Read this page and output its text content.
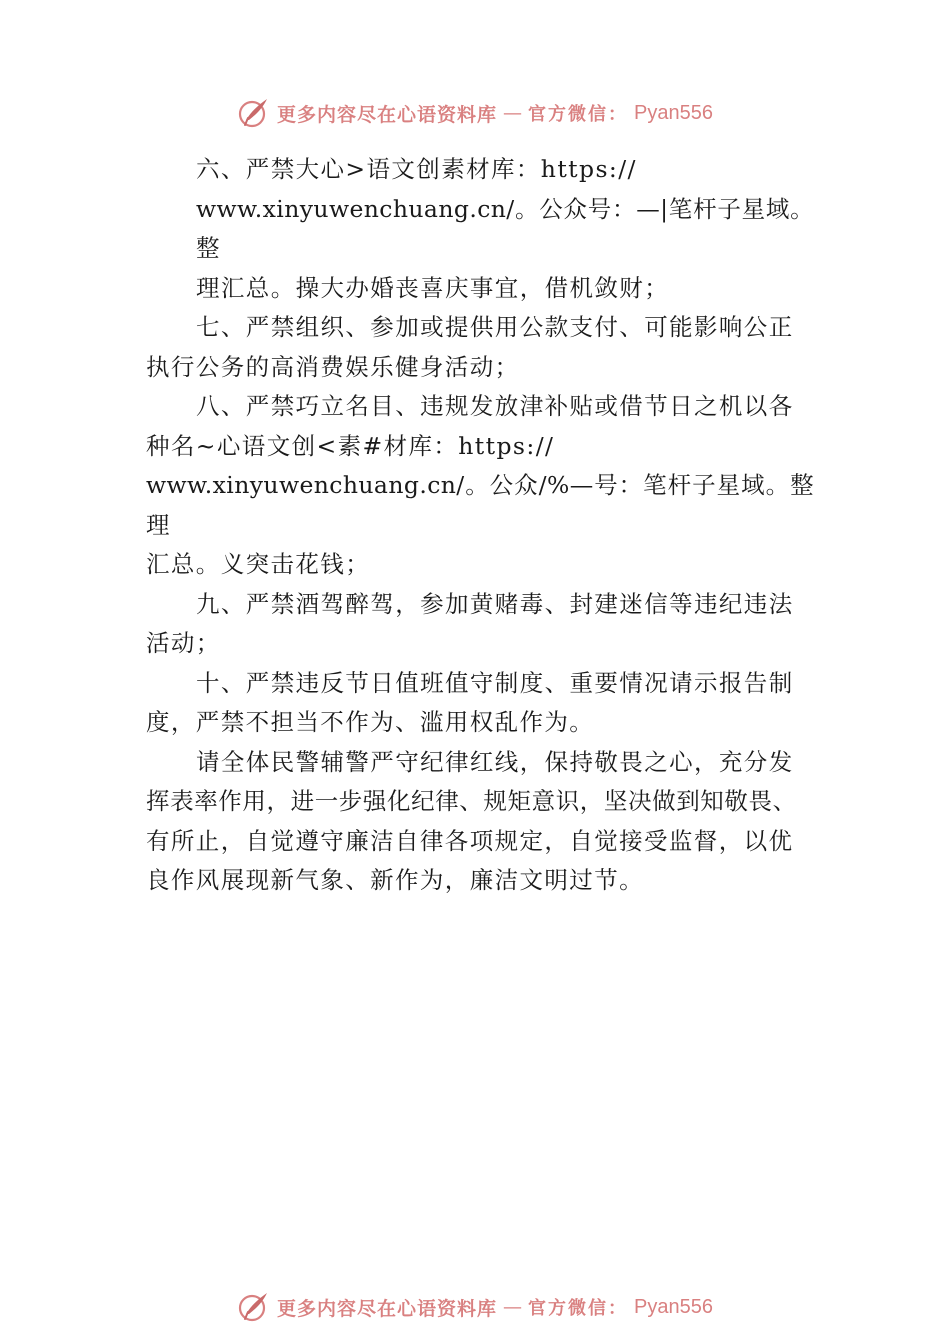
更多内容尽在心语资料库 — 官方微信： Pyan556

六、严禁大心>语文创素材库：https://
www.xinyuwenchuang.cn/。公众号：—|笔杆子星域。整
理汇总。操大办婚丧喜庆事宜，借机敛财；

七、严禁组织、参加或提供用公款支付、可能影响公正
执行公务的高消费娱乐健身活动；

八、严禁巧立名目、违规发放津补贴或借节日之机以各
种名~心语文创<素#材库：https://
www.xinyuwenchuang.cn/。公众/%—号：笔杆子星域。整理
汇总。义突击花钱；

九、严禁酒驾醉驾，参加黄赌毒、封建迷信等违纪违法
活动；

十、严禁违反节日值班值守制度、重要情况请示报告制
度，严禁不担当不作为、滥用权乱作为。

请全体民警辅警严守纪律红线，保持敬畏之心，充分发
挥表率作用，进一步强化纪律、规矩意识，坚决做到知敬畏、
有所止，自觉遵守廉洁自律各项规定，自觉接受监督，以优
良作风展现新气象、新作为，廉洁文明过节。

更多内容尽在心语资料库 — 官方微信： Pyan556
